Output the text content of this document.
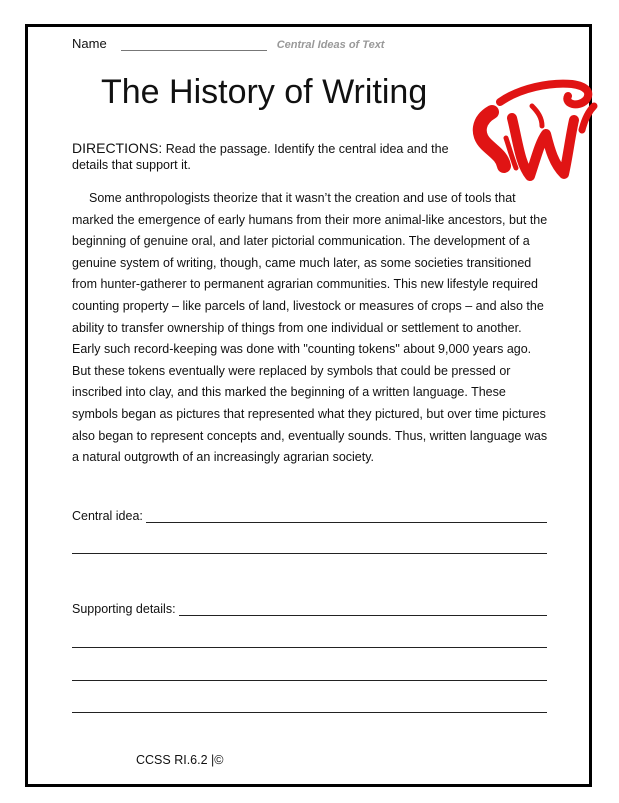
Name	Central Ideas of Text
The History of Writing
DIRECTIONS: Read the passage. Identify the central idea and the details that support it.

Some anthropologists theorize that it wasn’t the creation and use of tools that marked the emergence of early humans from their more animal-like ancestors, but the beginning of genuine oral, and later pictorial communication. The development of a genuine system of writing, though, came much later, as some societies transitioned from hunter-gatherer to permanent agrarian communities. This new lifestyle required counting property – like parcels of land, livestock or measures of crops – and also the ability to transfer ownership of things from one individual or settlement to another. Early such record-keeping was done with "counting tokens" about 9,000 years ago. But these tokens eventually were replaced by symbols that could be pressed or inscribed into clay, and this marked the beginning of a written language. These symbols began as pictures that represented what they pictured, but over time pictures also began to represent concepts and, eventually sounds. Thus, written language was a natural outgrowth of an increasingly agrarian society.

Central idea:
Supporting details:
CCSS RI.6.2 |©
